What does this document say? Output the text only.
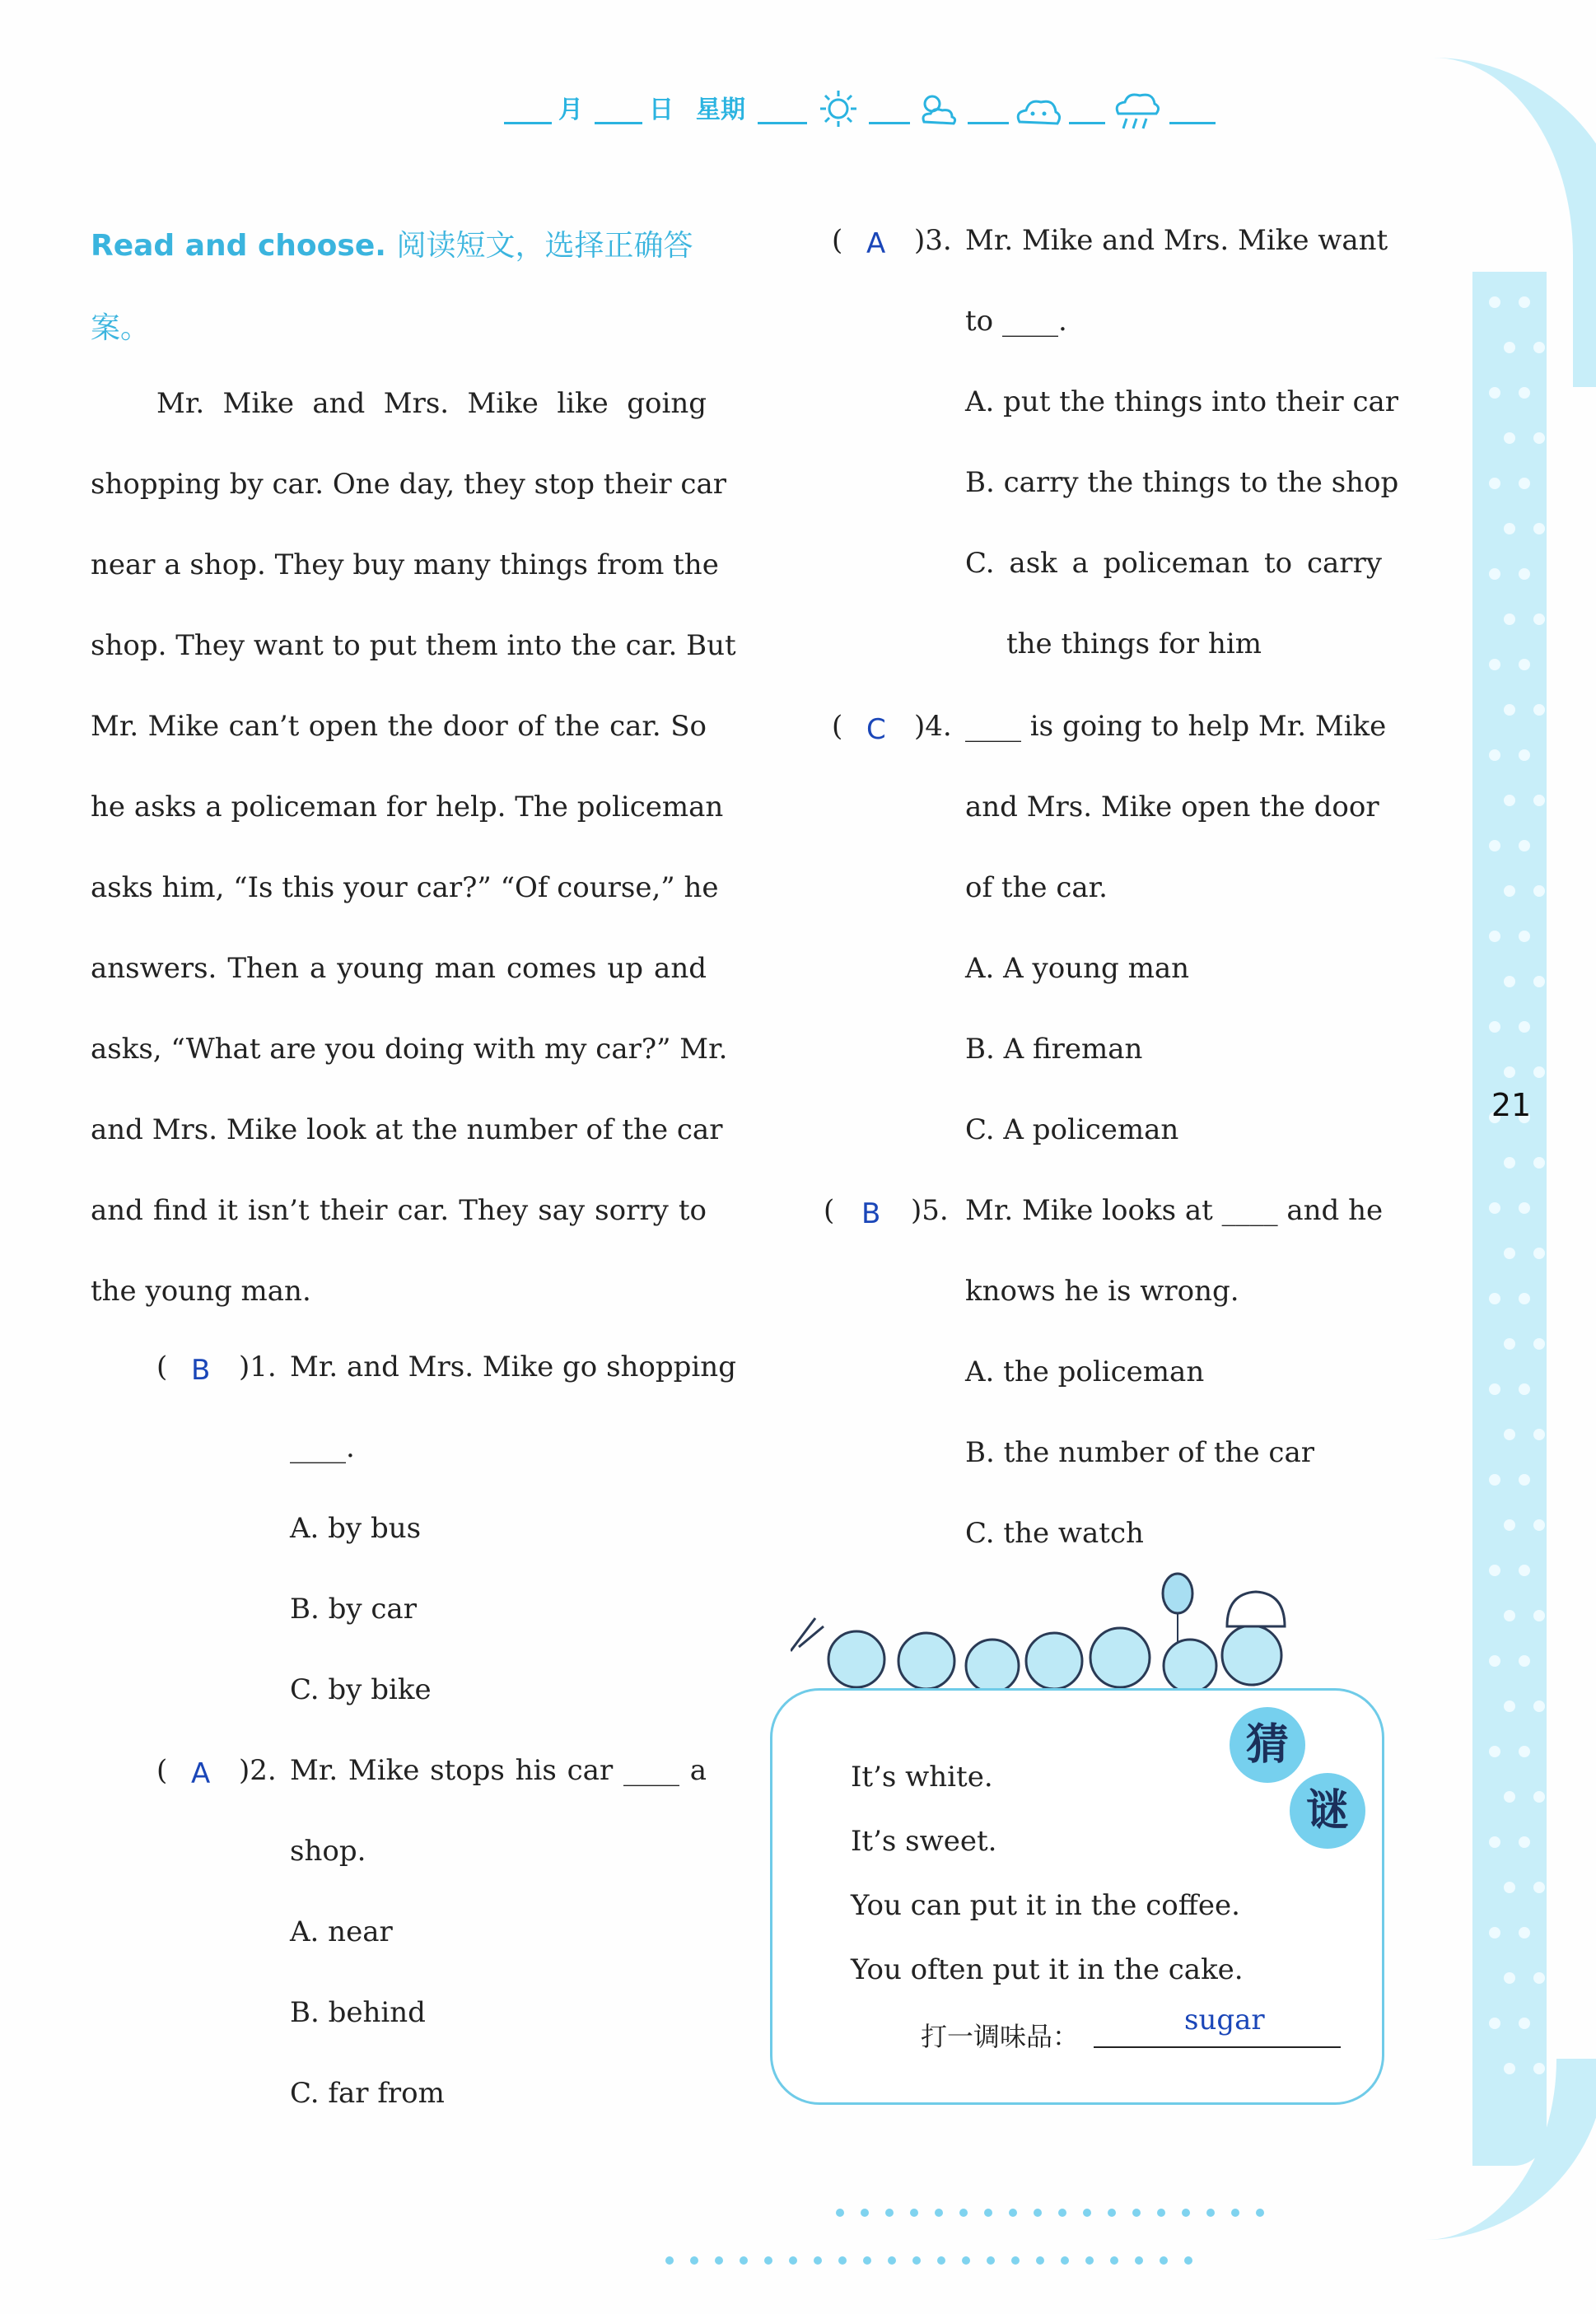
21
月	日 星期
Read and choose. 阅读短文，选择正确答
案。
Mr. Mike and Mrs. Mike like going
shopping by car. One day, they stop their car
near a shop. They buy many things from the
shop. They want to put them into the car. But
Mr. Mike can’t open the door of the car. So
he asks a policeman for help. The policeman
asks him, “Is this your car?” “Of course,” he
answers. Then a young man comes up and
asks, “What are you doing with my car?” Mr.
and Mrs. Mike look at the number of the car
and find it isn’t their car. They say sorry to
the young man.
( B )1. Mr. and Mrs. Mike go shopping
____.
A. by bus
B. by car
C. by bike
( A )2. Mr. Mike stops his car ____ a
shop.
A. near
B. behind
C. far from
( A )3. Mr. Mike and Mrs. Mike want
to ____.
A. put the things into their car
B. carry the things to the shop
C. ask a policeman to carry
the things for him
( C )4. ____ is going to help Mr. Mike
and Mrs. Mike open the door
of the car.
A. A young man
B. A fireman
C. A policeman
( B )5. Mr. Mike looks at ____ and he
knows he is wrong.
A. the policeman
B. the number of the car
C. the watch
猜
谜
It’s white.
It’s sweet.
You can put it in the coffee.
You often put it in the cake.
打一调味品：	sugar
